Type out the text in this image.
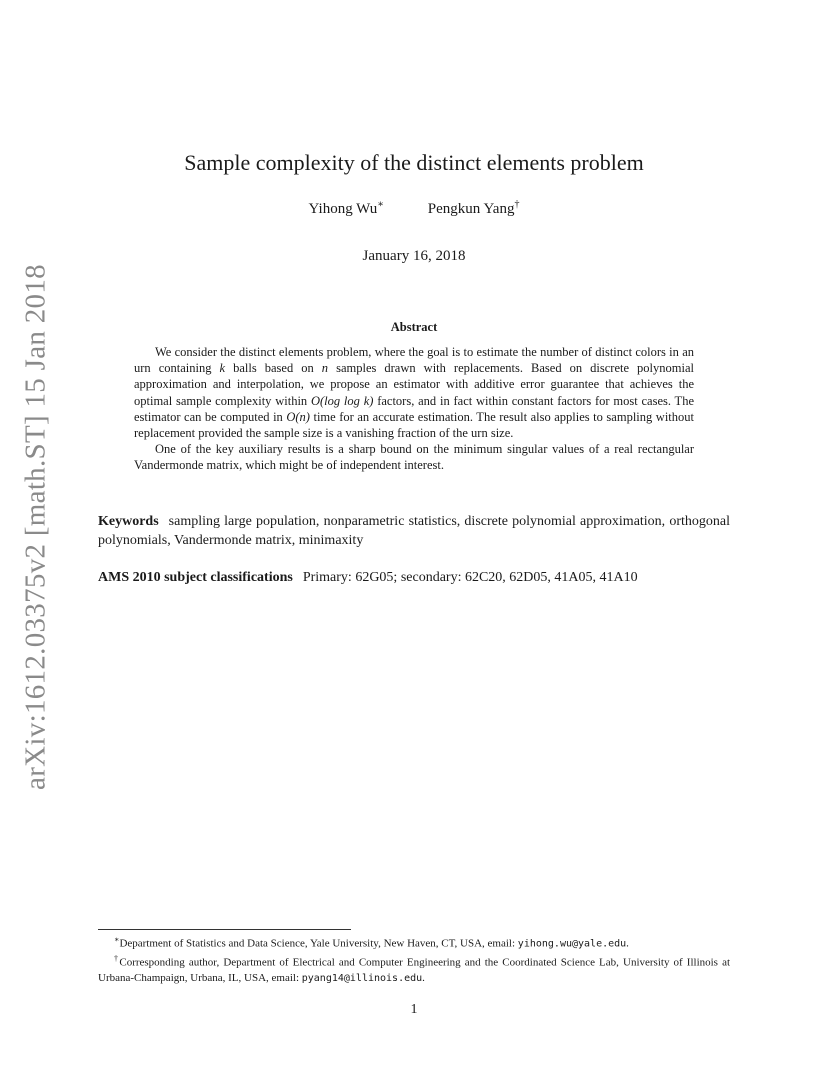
arXiv:1612.03375v2 [math.ST] 15 Jan 2018
Sample complexity of the distinct elements problem
Yihong Wu∗	Pengkun Yang†
January 16, 2018
Abstract

We consider the distinct elements problem, where the goal is to estimate the number of distinct colors in an urn containing k balls based on n samples drawn with replacements. Based on discrete polynomial approximation and interpolation, we propose an estimator with additive error guarantee that achieves the optimal sample complexity within O(log log k) factors, and in fact within constant factors for most cases. The estimator can be computed in O(n) time for an accurate estimation. The result also applies to sampling without replacement provided the sample size is a vanishing fraction of the urn size.

One of the key auxiliary results is a sharp bound on the minimum singular values of a real rectangular Vandermonde matrix, which might be of independent interest.

Keywords sampling large population, nonparametric statistics, discrete polynomial approximation, orthogonal polynomials, Vandermonde matrix, minimaxity
AMS 2010 subject classifications Primary: 62G05; secondary: 62C20, 62D05, 41A05, 41A10

∗Department of Statistics and Data Science, Yale University, New Haven, CT, USA, email: yihong.wu@yale.edu.

†Corresponding author, Department of Electrical and Computer Engineering and the Coordinated Science Lab, University of Illinois at Urbana-Champaign, Urbana, IL, USA, email: pyang14@illinois.edu.

1
